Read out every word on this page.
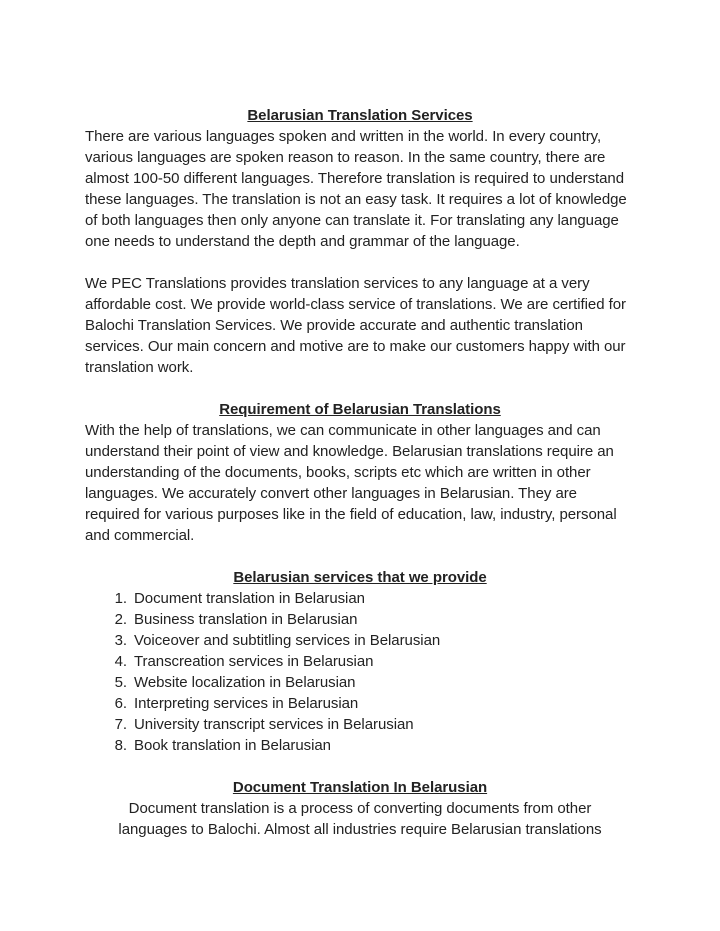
Belarusian Translation Services

There are various languages spoken and written in the world. In every country, various languages are spoken reason to reason. In the same country, there are almost 100-50 different languages. Therefore translation is required to understand these languages. The translation is not an easy task. It requires a lot of knowledge of both languages then only anyone can translate it. For translating any language one needs to understand the depth and grammar of the language.

We PEC Translations provides translation services to any language at a very affordable cost. We provide world-class service of translations. We are certified for Balochi Translation Services. We provide accurate and authentic translation services. Our main concern and motive are to make our customers happy with our translation work.

Requirement of Belarusian Translations

With the help of translations, we can communicate in other languages and can understand their point of view and knowledge. Belarusian translations require an understanding of the documents, books, scripts etc which are written in other languages. We accurately convert other languages in Belarusian. They are required for various purposes like in the field of education, law, industry, personal and commercial.

Belarusian services that we provide

1. Document translation in Belarusian
2. Business translation in Belarusian
3. Voiceover and subtitling services in Belarusian
4. Transcreation services in Belarusian
5. Website localization in Belarusian
6. Interpreting services in Belarusian
7. University transcript services in Belarusian
8. Book translation in Belarusian

Document Translation In Belarusian

Document translation is a process of converting documents from other

languages to Balochi. Almost all industries require Belarusian translations
